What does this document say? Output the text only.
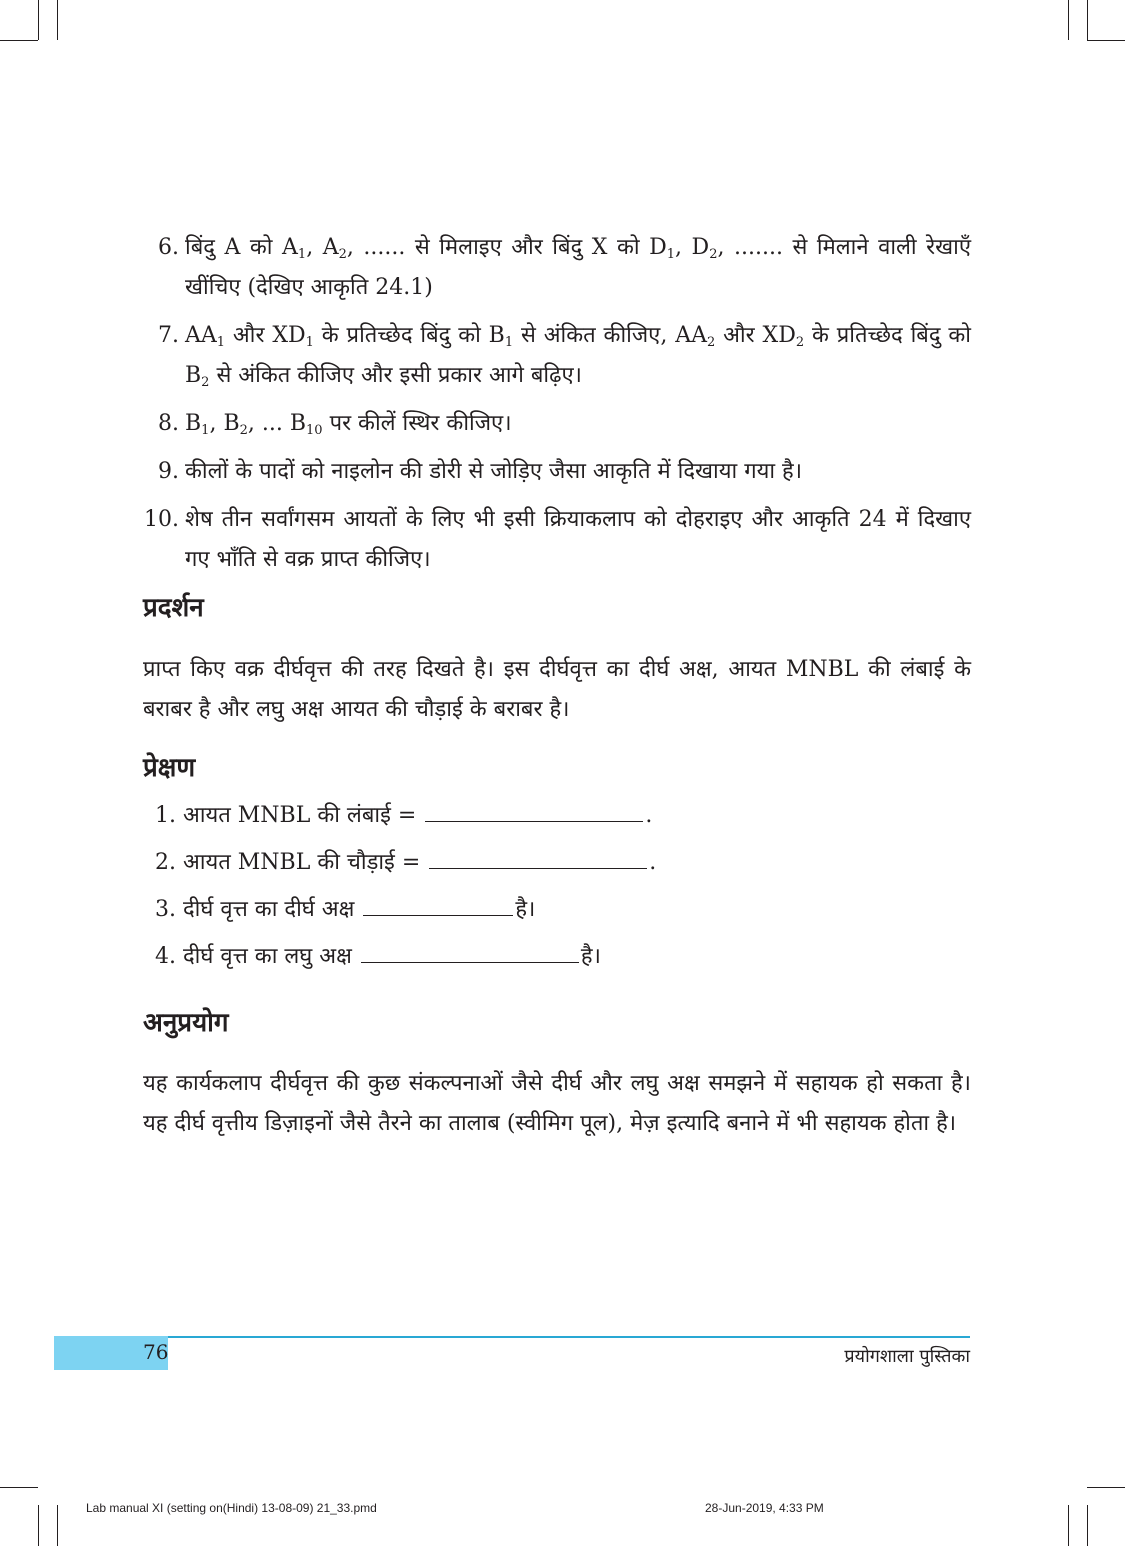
6. बिंदु A को $A_1$, $A_2$, ...... से मिलाइए और बिंदु X को $D_1$, $D_2$, ....... से मिलाने वाली रेखाएँ खींचिए (देखिए आकृति 24.1)
7. $AA_1$ और $XD_1$ के प्रतिच्छेद बिंदु को $B_1$ से अंकित कीजिए, $AA_2$ और $XD_2$ के प्रतिच्छेद बिंदु को $B_2$ से अंकित कीजिए और इसी प्रकार आगे बढ़िए।
8. $B_1$, $B_2$, ... $B_{10}$ पर कीलें स्थिर कीजिए।
9. कीलों के पादों को नाइलोन की डोरी से जोड़िए जैसा आकृति में दिखाया गया है।
10. शेष तीन सर्वांगसम आयतों के लिए भी इसी क्रियाकलाप को दोहराइए और आकृति 24 में दिखाए गए भाँति से वक्र प्राप्त कीजिए।
प्रदर्शन
प्राप्त किए वक्र दीर्घवृत्त की तरह दिखते है। इस दीर्घवृत्त का दीर्घ अक्ष, आयत MNBL की लंबाई के बराबर है और लघु अक्ष आयत की चौड़ाई के बराबर है।
प्रेक्षण
1. आयत MNBL की लंबाई =	.
2. आयत MNBL की चौड़ाई =	.
3. दीर्घ वृत्त का दीर्घ अक्ष	है।
4. दीर्घ वृत्त का लघु अक्ष	है।
अनुप्रयोग
यह कार्यकलाप दीर्घवृत्त की कुछ संकल्पनाओं जैसे दीर्घ और लघु अक्ष समझने में सहायक हो सकता है। यह दीर्घ वृत्तीय डिज़ाइनों जैसे तैरने का तालाब (स्वीमिग पूल), मेज़ इत्यादि बनाने में भी सहायक होता है।
76	प्रयोगशाला पुस्तिका
Lab manual XI (setting on(Hindi) 13-08-09) 21_33.pmd	28-Jun-2019, 4:33 PM
